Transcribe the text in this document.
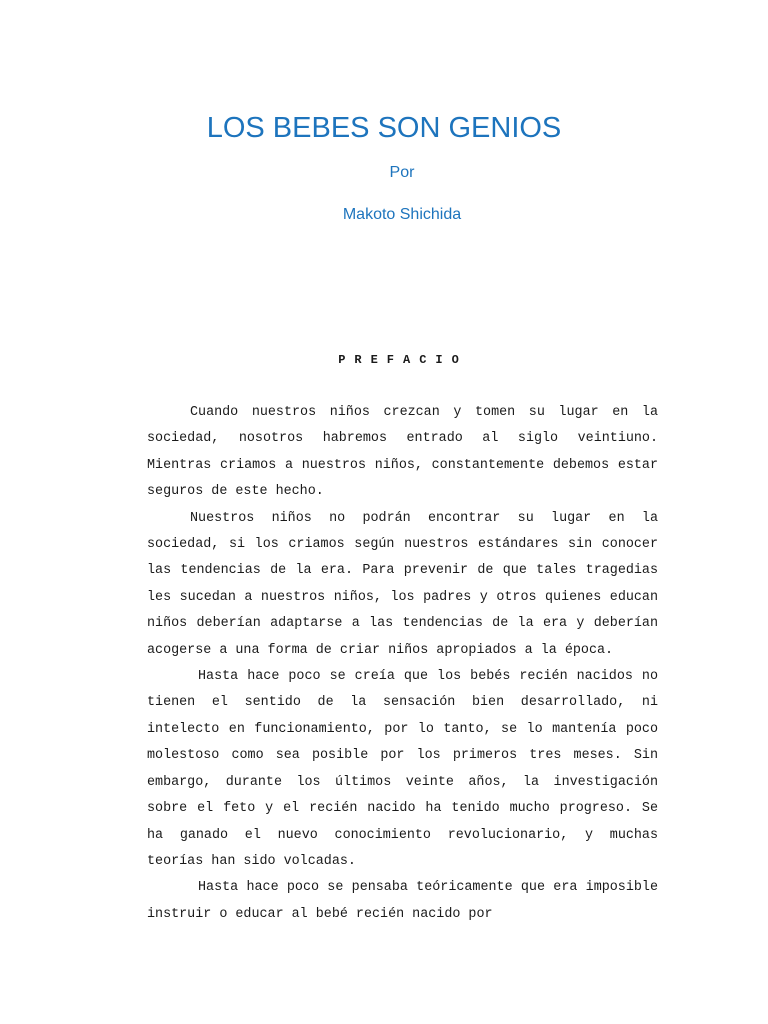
LOS BEBES SON GENIOS
Por
Makoto Shichida
PREFACIO

Cuando nuestros niños crezcan y tomen su lugar en la sociedad, nosotros habremos entrado al siglo veintiuno. Mientras criamos a nuestros niños, constantemente debemos estar seguros de este hecho.

Nuestros niños no podrán encontrar su lugar en la sociedad, si los criamos según nuestros estándares sin conocer las tendencias de la era. Para prevenir de que tales tragedias les sucedan a nuestros niños, los padres y otros quienes educan niños deberían adaptarse a las tendencias de la era y deberían acogerse a una forma de criar niños apropiados a la época.

Hasta hace poco se creía que los bebés recién nacidos no tienen el sentido de la sensación bien desarrollado, ni intelecto en funcionamiento, por lo tanto, se lo mantenía poco molestoso como sea posible por los primeros tres meses. Sin embargo, durante los últimos veinte años, la investigación sobre el feto y el recién nacido ha tenido mucho progreso. Se ha ganado el nuevo conocimiento revolucionario, y muchas teorías han sido volcadas.

Hasta hace poco se pensaba teóricamente que era imposible instruir o educar al bebé recién nacido por
